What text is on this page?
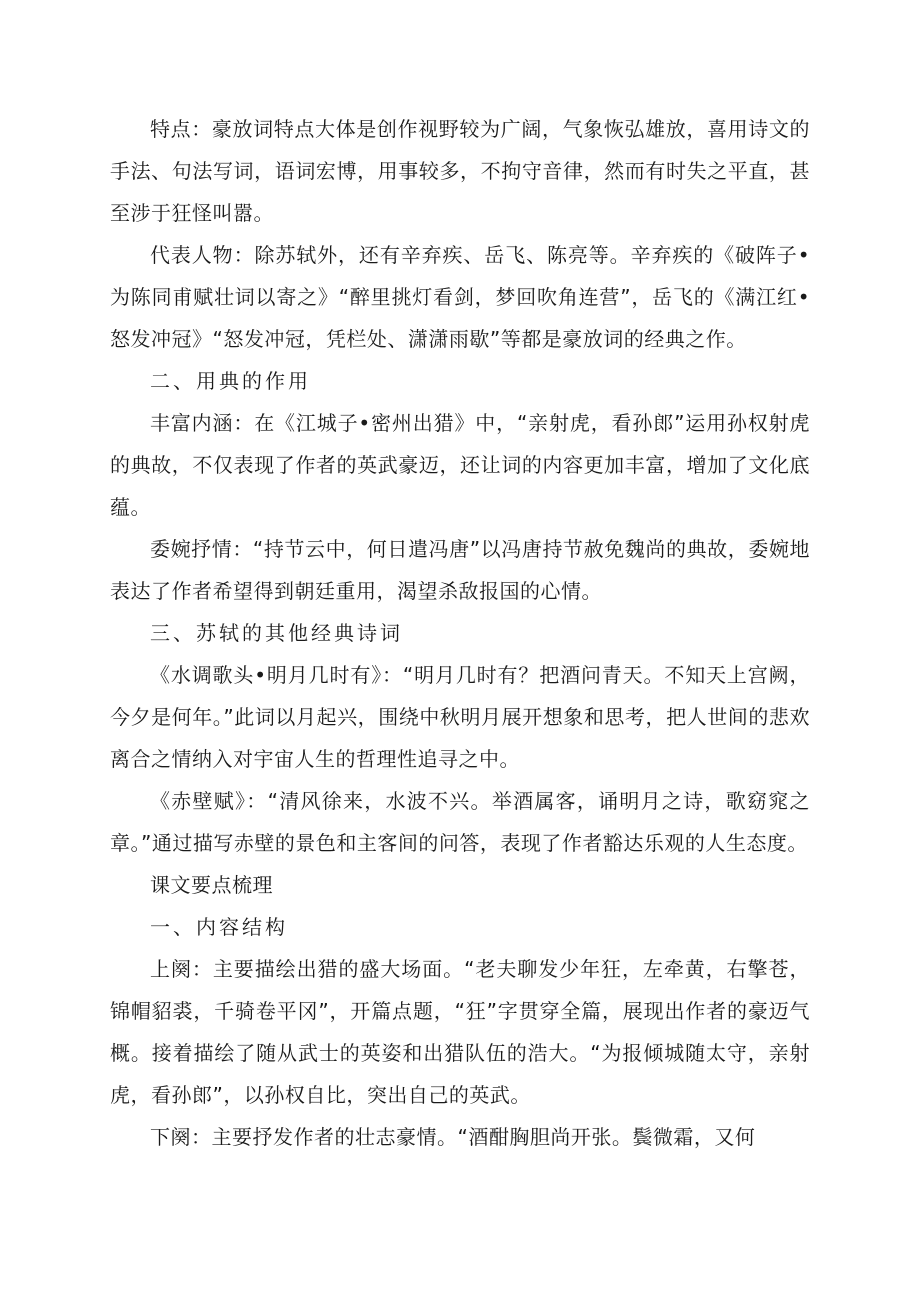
特点：豪放词特点大体是创作视野较为广阔，气象恢弘雄放，喜用诗文的手法、句法写词，语词宏博，用事较多，不拘守音律，然而有时失之平直，甚至涉于狂怪叫嚣。

代表人物：除苏轼外，还有辛弃疾、岳飞、陈亮等。辛弃疾的《破阵子•为陈同甫赋壮词以寄之》“醉里挑灯看剑，梦回吹角连营”，岳飞的《满江红•怒发冲冠》“怒发冲冠，凭栏处、潇潇雨歇”等都是豪放词的经典之作。

二、用典的作用

丰富内涵：在《江城子•密州出猎》中，“亲射虎，看孙郎”运用孙权射虎的典故，不仅表现了作者的英武豪迈，还让词的内容更加丰富，增加了文化底蕴。

委婉抒情：“持节云中，何日遣冯唐”以冯唐持节赦免魏尚的典故，委婉地表达了作者希望得到朝廷重用，渴望杀敌报国的心情。

三、苏轼的其他经典诗词

《水调歌头•明月几时有》：“明月几时有？把酒问青天。不知天上宫阙，今夕是何年。”此词以月起兴，围绕中秋明月展开想象和思考，把人世间的悲欢离合之情纳入对宇宙人生的哲理性追寻之中。

《赤壁赋》：“清风徐来，水波不兴。举酒属客，诵明月之诗，歌窈窕之章。”通过描写赤壁的景色和主客间的问答，表现了作者豁达乐观的人生态度。

课文要点梳理

一、内容结构

上阕：主要描绘出猎的盛大场面。“老夫聊发少年狂，左牵黄，右擎苍，锦帽貂裘，千骑卷平冈”，开篇点题，“狂”字贯穿全篇，展现出作者的豪迈气概。接着描绘了随从武士的英姿和出猎队伍的浩大。“为报倾城随太守，亲射虎，看孙郎”，以孙权自比，突出自己的英武。

下阕：主要抒发作者的壮志豪情。“酒酣胸胆尚开张。鬓微霜，又何
